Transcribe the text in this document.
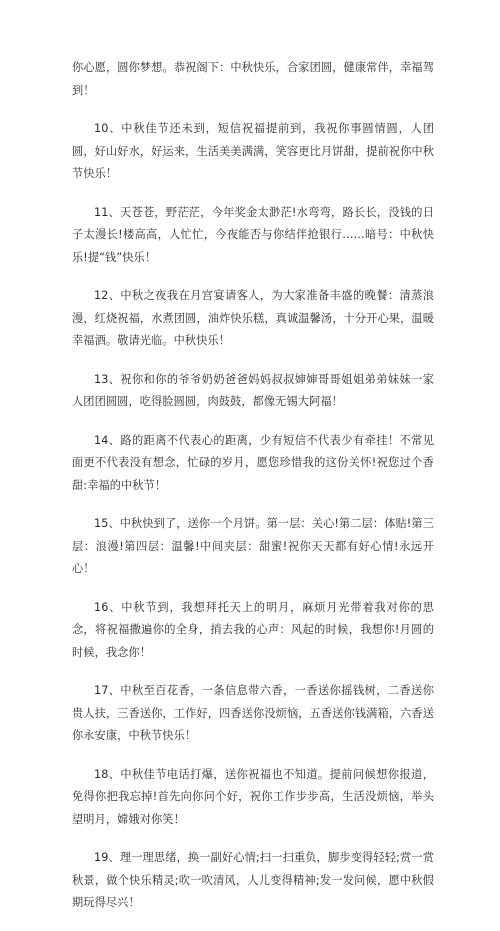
你心愿，圆你梦想。恭祝阁下：中秋快乐，合家团圆，健康常伴，幸福驾到！

10、中秋佳节还未到，短信祝福提前到，我祝你事圆情圆，人团圆，好山好水，好运来，生活美美满满，笑容更比月饼甜，提前祝你中秋节快乐！

11、天苍苍，野茫茫，今年奖金太渺茫!水弯弯，路长长，没钱的日子太漫长!楼高高，人忙忙，今夜能否与你结伴抢银行……暗号：中秋快乐!提“钱”快乐！

12、中秋之夜我在月宫宴请客人，为大家准备丰盛的晚餐：清蒸浪漫，红烧祝福，水煮团圆，油炸快乐糕，真诚温馨汤，十分开心果，温暖幸福酒。敬请光临。中秋快乐！

13、祝你和你的爷爷奶奶爸爸妈妈叔叔婶婶哥哥姐姐弟弟妹妹一家人团团圆圆，吃得脸圆圆，肉鼓鼓，都像无锡大阿福！

14、路的距离不代表心的距离，少有短信不代表少有牵挂！不常见面更不代表没有想念，忙碌的岁月，愿您珍惜我的这份关怀!祝您过个香甜:幸福的中秋节！

15、中秋快到了，送你一个月饼。第一层：关心!第二层：体贴!第三层：浪漫!第四层：温馨!中间夹层：甜蜜!祝你天天都有好心情!永远开心！

16、中秋节到，我想拜托天上的明月，麻烦月光带着我对你的思念，将祝福撒遍你的全身，捎去我的心声：风起的时候，我想你!月圆的时候，我念你！

17、中秋至百花香，一条信息带六香，一香送你摇钱树，二香送你贵人扶，三香送你，工作好，四香送你没烦恼，五香送你钱满箱，六香送你永安康，中秋节快乐！

18、中秋佳节电话打爆，送你祝福也不知道。提前问候想你报道，免得你把我忘掉!首先向你问个好，祝你工作步步高，生活没烦恼，举头望明月，嫦娥对你笑！

19、理一理思绪，换一副好心情;扫一扫重负，脚步变得轻轻;赏一赏秋景，做个快乐精灵;吹一吹清风，人儿变得精神;发一发问候，愿中秋假期玩得尽兴！
